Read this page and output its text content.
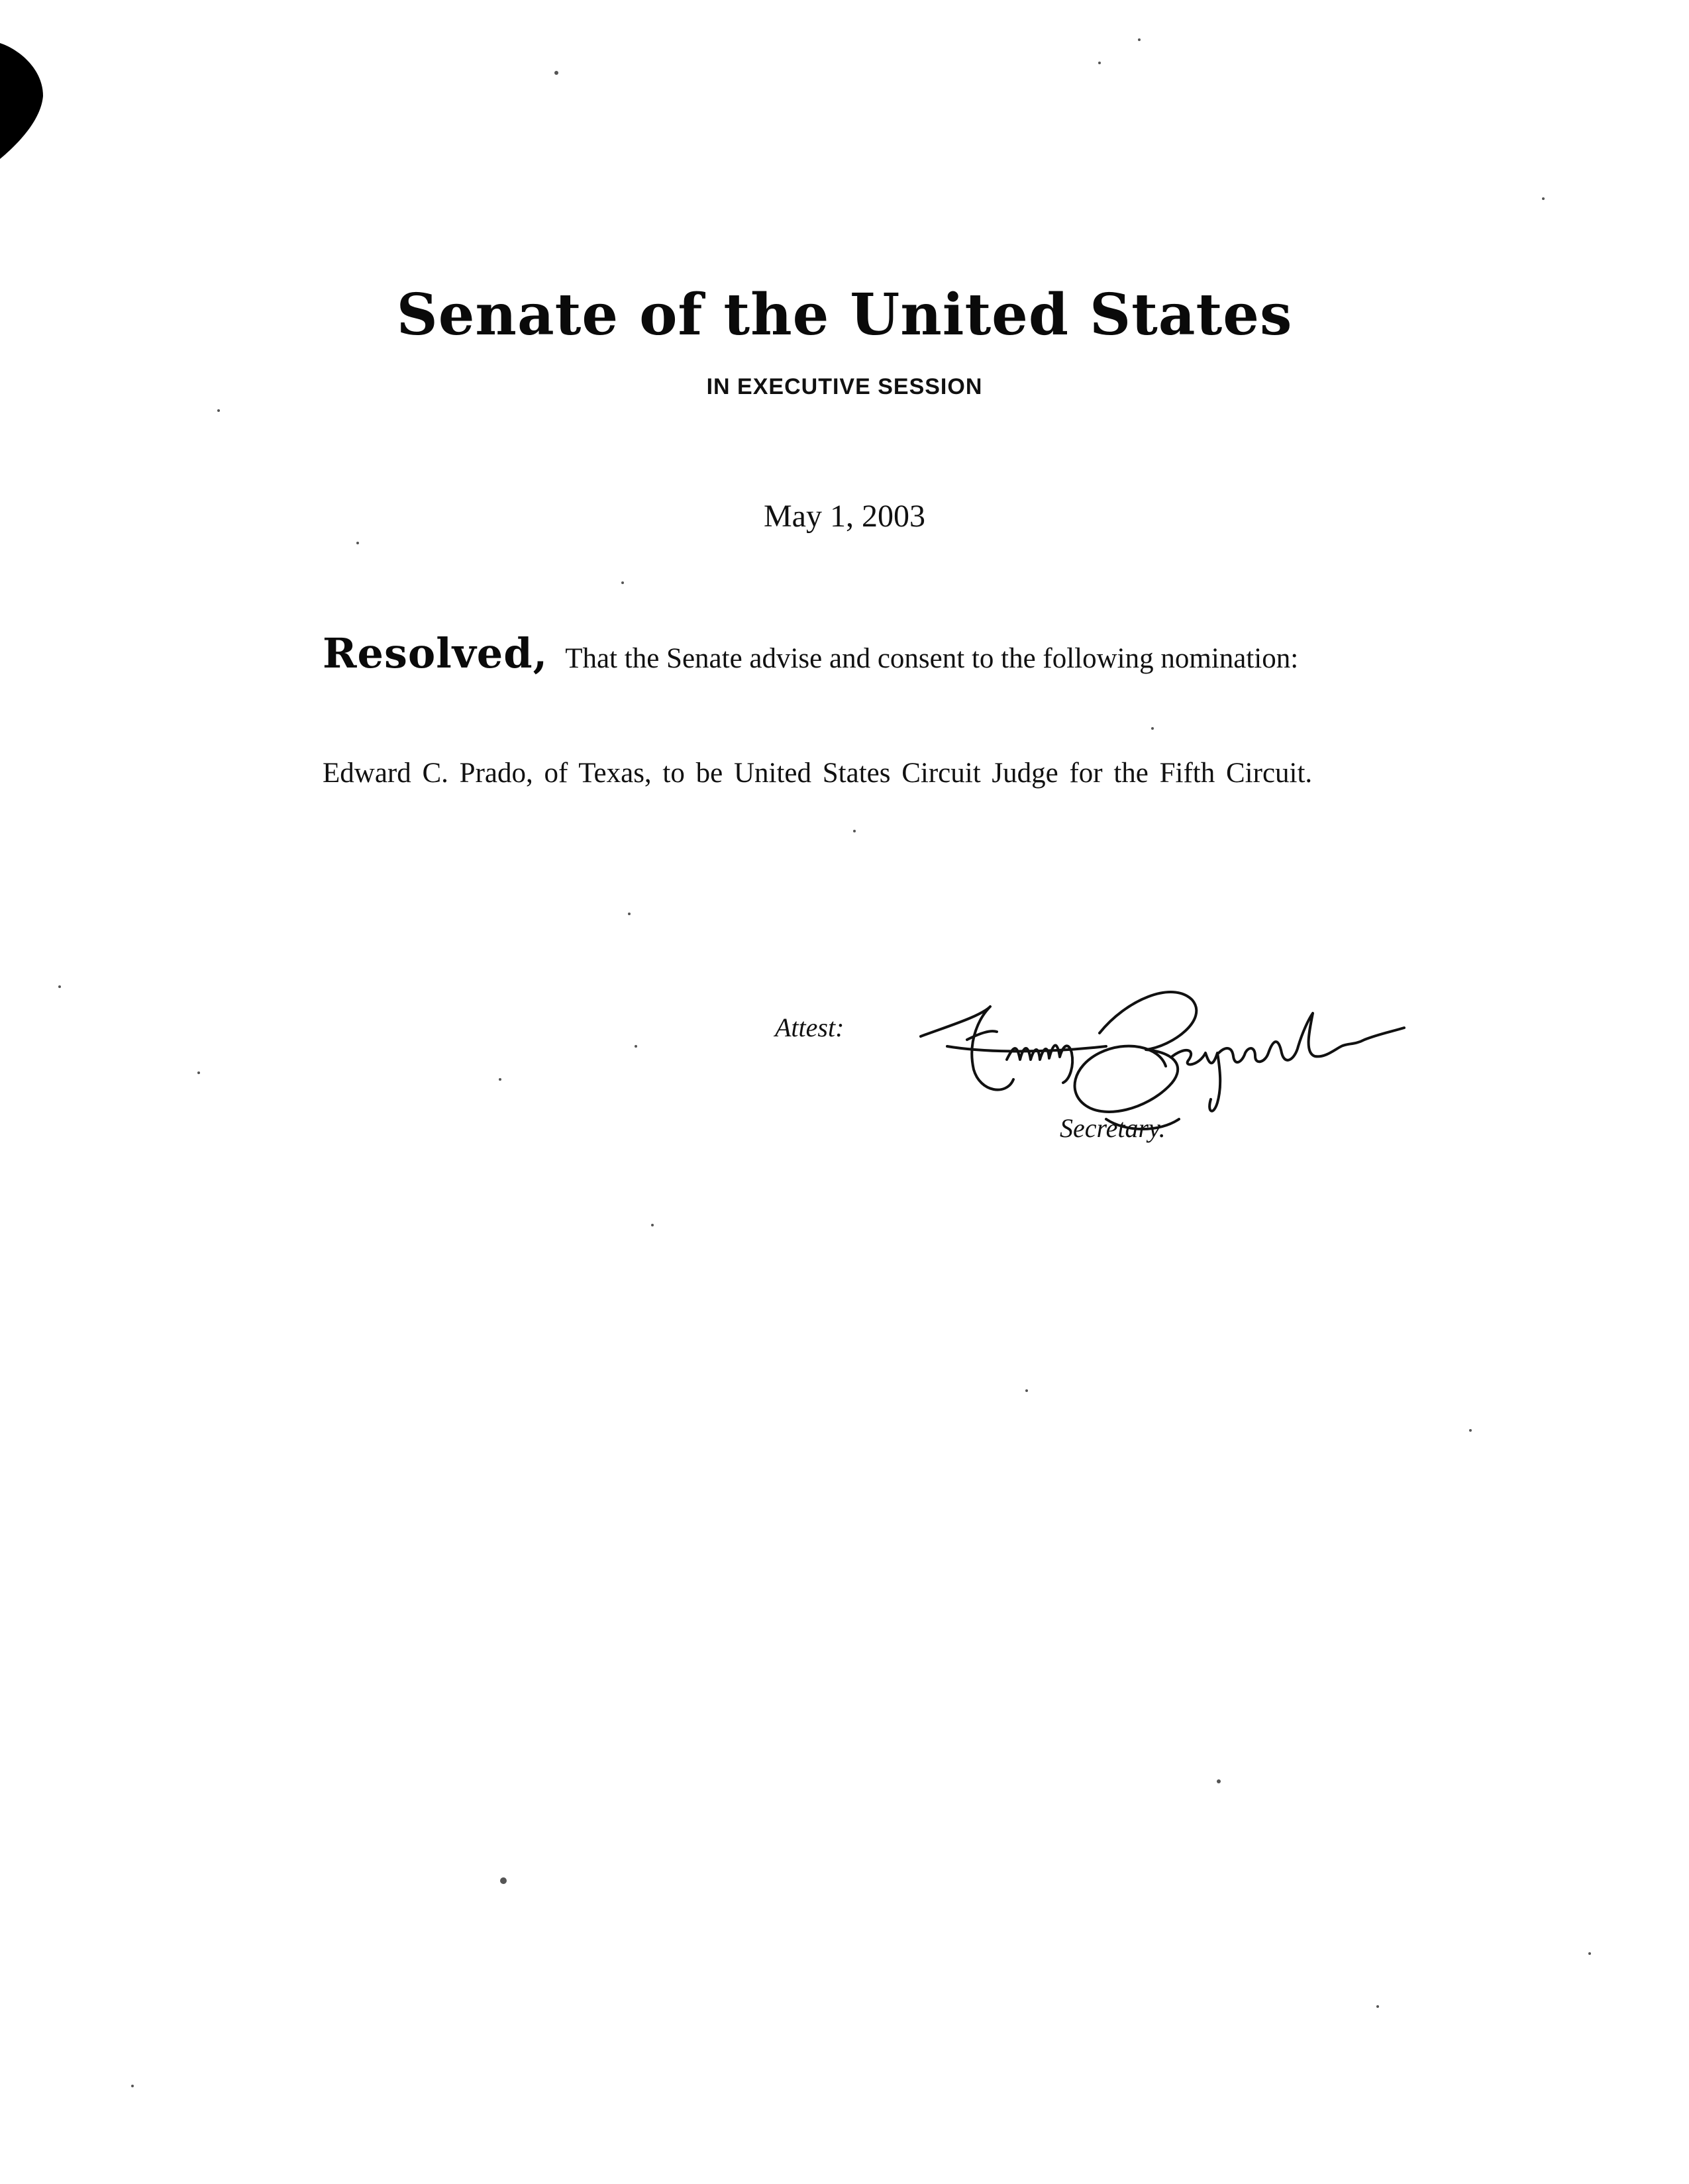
Senate of the United States
IN EXECUTIVE SESSION
May 1, 2003
Resolved, That the Senate advise and consent to the following nomination:
Edward C. Prado, of Texas, to be United States Circuit Judge for the Fifth Circuit.
Attest:
Secretary.
